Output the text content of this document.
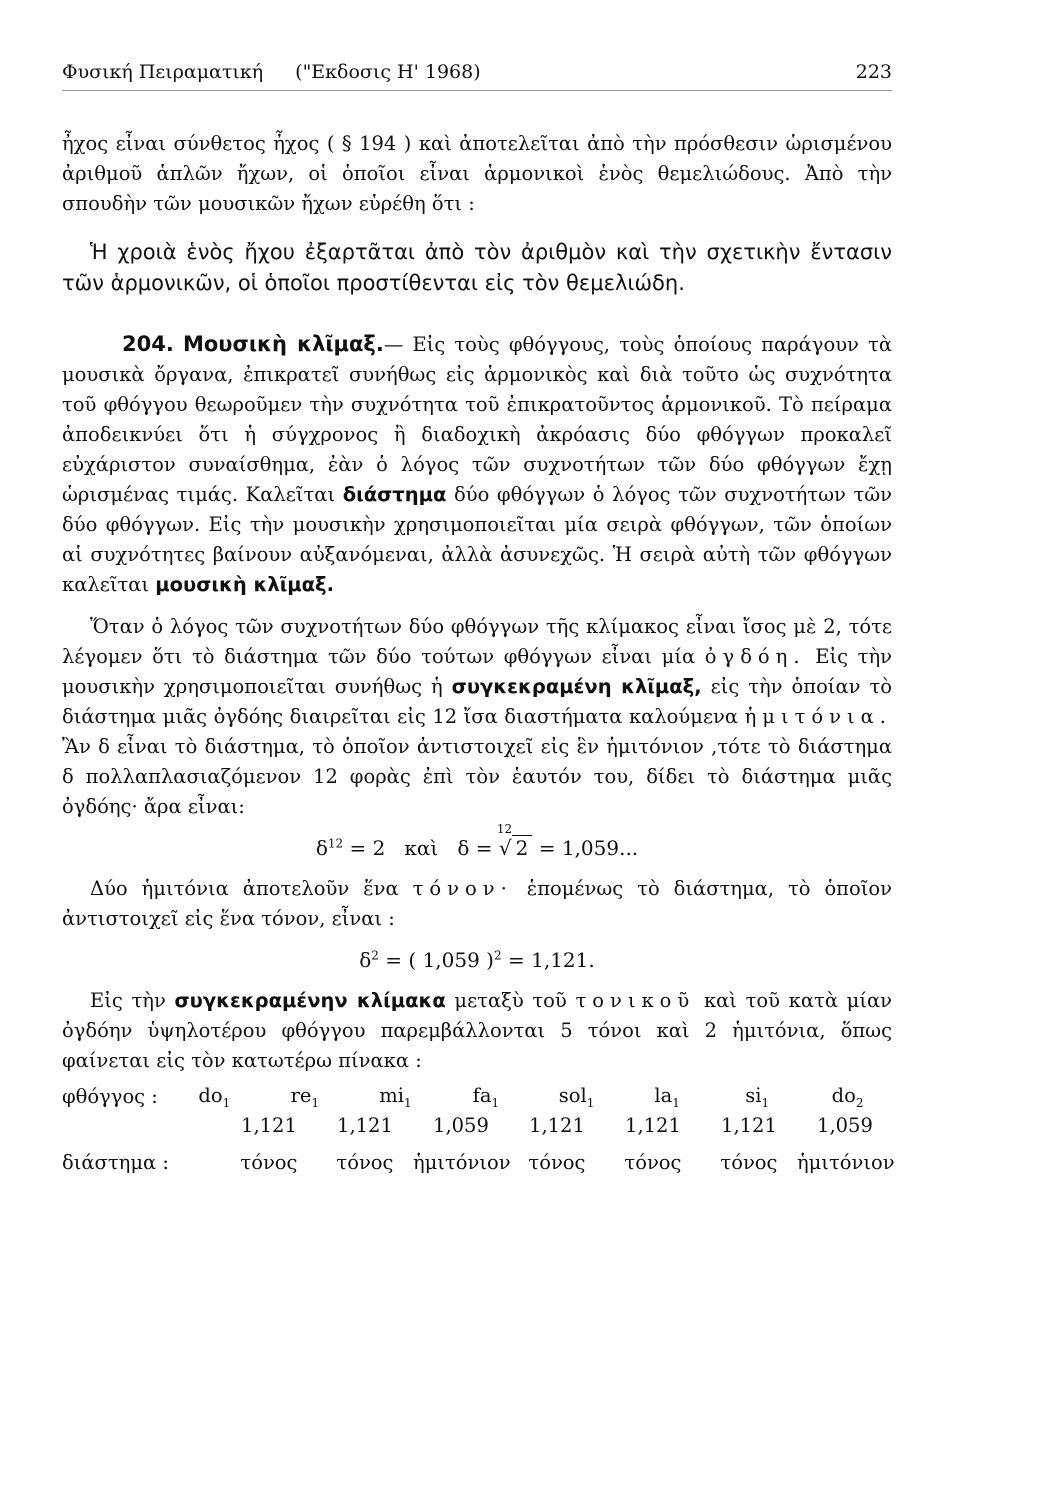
Φυσική Πειραματική ("Εκδοσις Η' 1968)	223

ἦχος εἶναι σύνθετος ἦχος ( § 194 ) καὶ ἀποτελεῖται ἀπὸ τὴν πρόσθεσιν ὡρισμένου ἀριθμοῦ ἁπλῶν ἤχων, οἱ ὁποῖοι εἶναι ἁρμονικοὶ ἑνὸς θεμελιώδους. Ἀπὸ τὴν σπουδὴν τῶν μουσικῶν ἤχων εὑρέθη ὅτι :

Ἡ χροιὰ ἑνὸς ἤχου ἐξαρτᾶται ἀπὸ τὸν ἀριθμὸν καὶ τὴν σχετικὴν ἔντασιν τῶν ἁρμονικῶν, οἱ ὁποῖοι προστίθενται εἰς τὸν θεμελιώδη.

204. Μουσικὴ κλῖμαξ.— Εἰς τοὺς φθόγγους, τοὺς ὁποίους παράγουν τὰ μουσικὰ ὄργανα, ἐπικρατεῖ συνήθως εἰς ἁρμονικὸς καὶ διὰ τοῦτο ὡς συχνότητα τοῦ φθόγγου θεωροῦμεν τὴν συχνότητα τοῦ ἐπικρατοῦντος ἁρμονικοῦ. Τὸ πείραμα ἀποδεικνύει ὅτι ἡ σύγχρονος ἢ διαδοχικὴ ἀκρόασις δύο φθόγγων προκαλεῖ εὐχάριστον συναίσθημα, ἐὰν ὁ λόγος τῶν συχνοτήτων τῶν δύο φθόγγων ἔχῃ ὡρισμένας τιμάς. Καλεῖται διάστημα δύο φθόγγων ὁ λόγος τῶν συχνοτήτων τῶν δύο φθόγγων. Εἰς τὴν μουσικὴν χρησιμοποιεῖται μία σειρὰ φθόγγων, τῶν ὁποίων αἱ συχνότητες βαίνουν αὐξανόμεναι, ἀλλὰ ἀσυνεχῶς. Ἡ σειρὰ αὐτὴ τῶν φθόγγων καλεῖται μουσικὴ κλῖμαξ.

Ὅταν ὁ λόγος τῶν συχνοτήτων δύο φθόγγων τῆς κλίμακος εἶναι ἴσος μὲ 2, τότε λέγομεν ὅτι τὸ διάστημα τῶν δύο τούτων φθόγγων εἶναι μία ὀγδόη. Εἰς τὴν μουσικὴν χρησιμοποιεῖται συνήθως ἡ συγκεκραμένη κλῖμαξ, εἰς τὴν ὁποίαν τὸ διάστημα μιᾶς ὀγδόης διαιρεῖται εἰς 12 ἴσα διαστήματα καλούμενα ἡμιτόνια. Ἂν δ εἶναι τὸ διάστημα, τὸ ὁποῖον ἀντιστοιχεῖ εἰς ἓν ἡμιτόνιον ,τότε τὸ διάστημα δ πολλαπλασιαζόμενον 12 φορὰς ἐπὶ τὸν ἑαυτόν του, δίδει τὸ διάστημα μιᾶς ὀγδόης· ἄρα εἶναι:

$\delta^{12} = 2$ καὶ δ =
12
√ 2 = 1,059...

Δύο ἡμιτόνια ἀποτελοῦν ἕνα τόνον· ἑπομένως τὸ διάστημα, τὸ ὁποῖον ἀντιστοιχεῖ εἰς ἕνα τόνον, εἶναι :

$\delta^2$ = ( 1,059 )$^2$ = 1,121.

Εἰς τὴν συγκεκραμένην κλίμακα μεταξὺ τοῦ τονικοῦ καὶ τοῦ κατὰ μίαν ὀγδόην ὑψηλοτέρου φθόγγου παρεμβάλλονται 5 τόνοι καὶ 2 ἡμιτόνια, ὅπως φαίνεται εἰς τὸν κατωτέρω πίνακα :

φθόγγος :	$do_1$	$re_1$	$mi_1$	$fa_1$	sol$_1$	$la_1$	$si_1$	$do_2$
	1,121 1,121 1,059 1,121 1,121 1,121 1,059							
διάστημα :	τόνος τόνος ἡμιτόνιον τόνος τόνος τόνος ἡμιτόνιον							
